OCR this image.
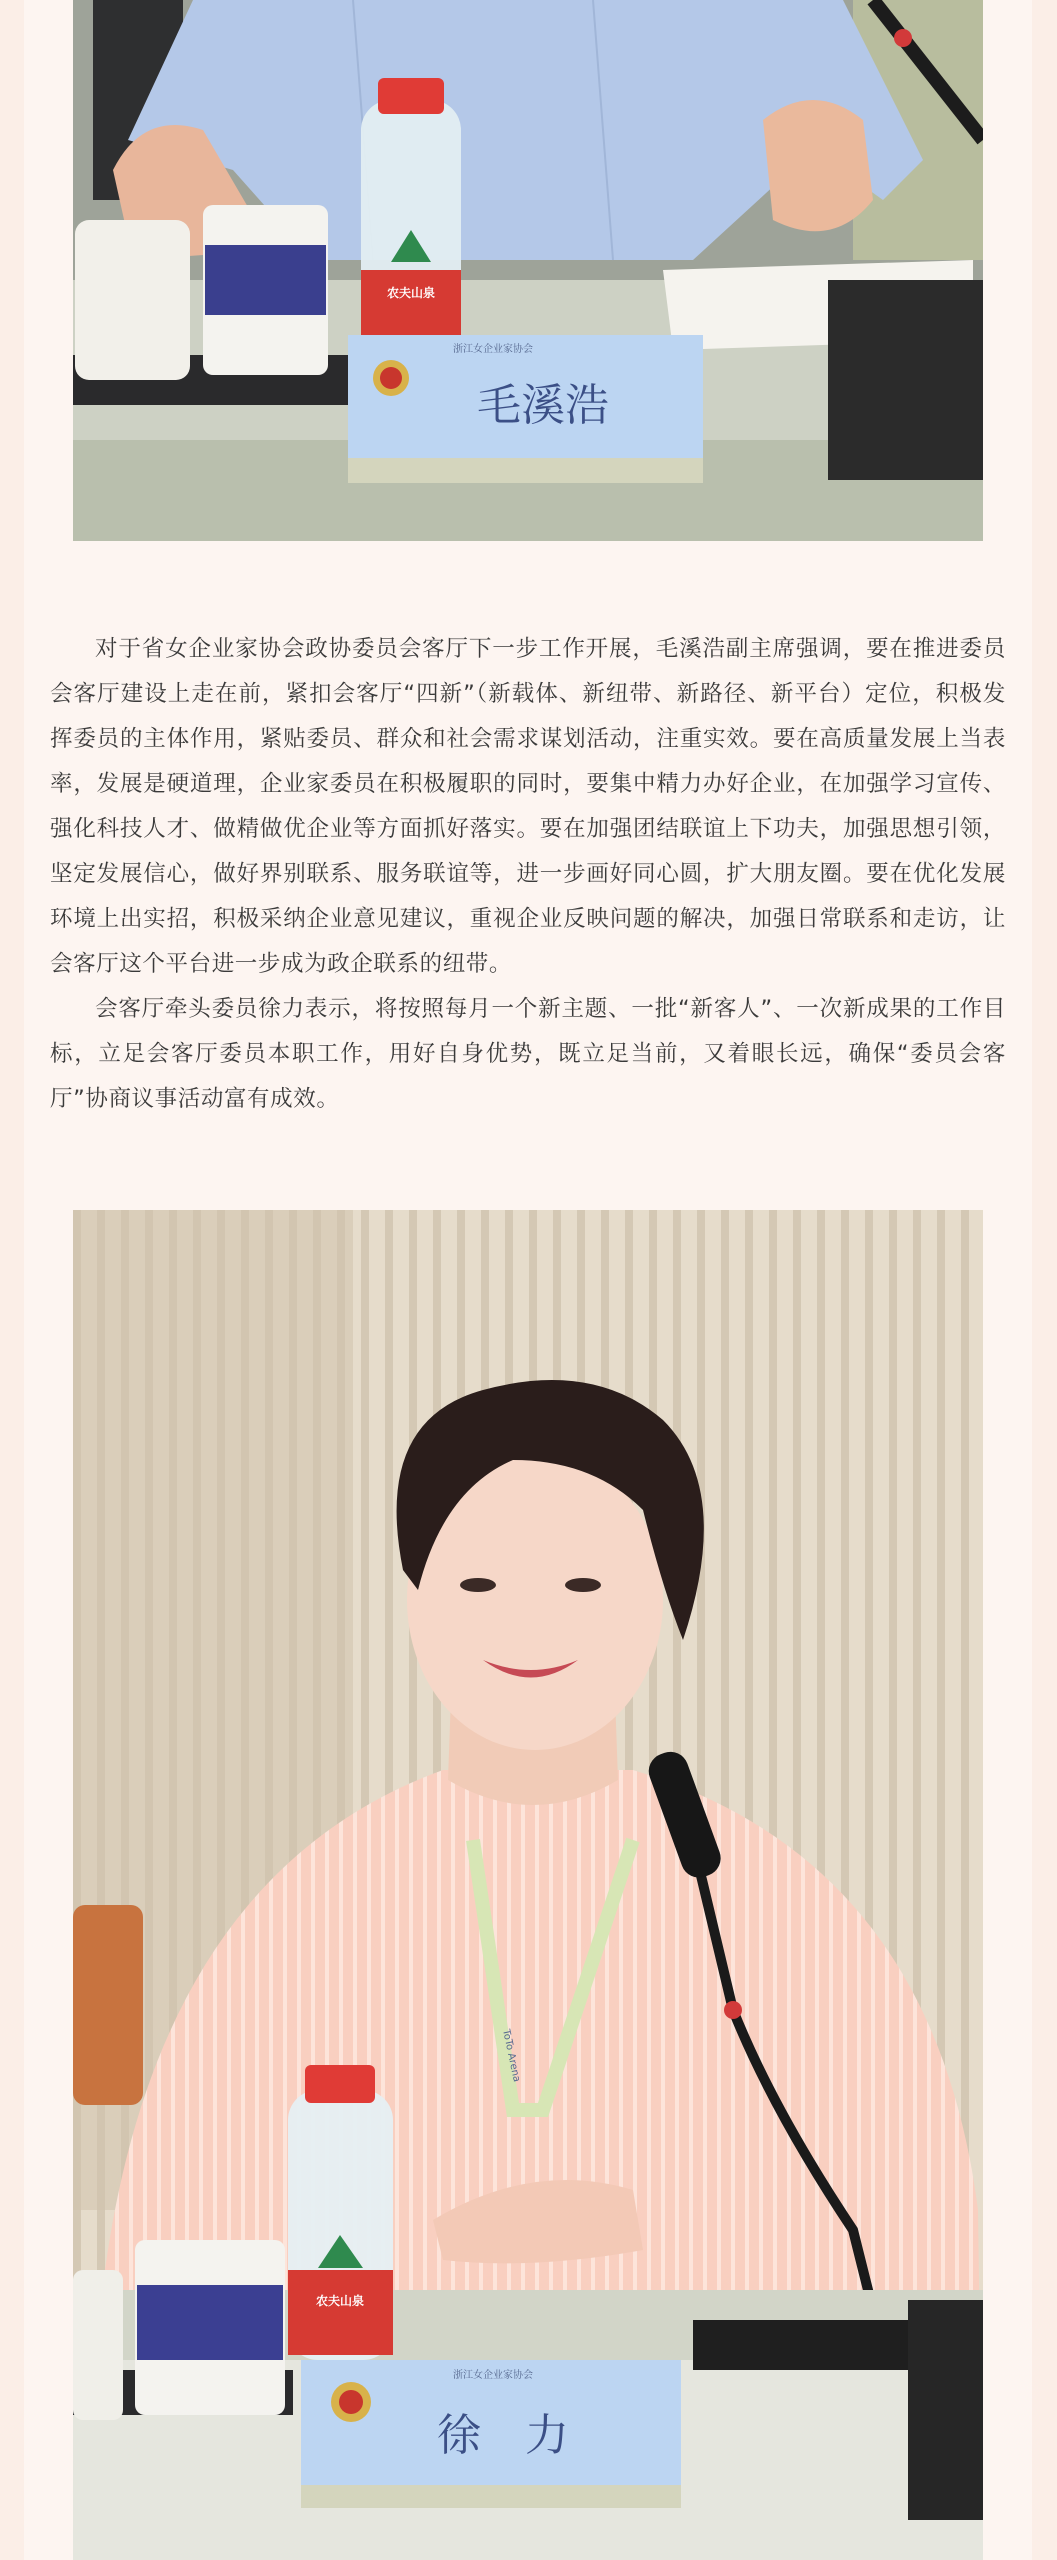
农夫山泉
浙江女企业家协会
毛溪浩

对于省女企业家协会政协委员会客厅下一步工作开展，毛溪浩副主席强调，要在推进委员会客厅建设上走在前，紧扣会客厅“四新”（新载体、新纽带、新路径、新平台）定位，积极发挥委员的主体作用，紧贴委员、群众和社会需求谋划活动，注重实效。要在高质量发展上当表率，发展是硬道理，企业家委员在积极履职的同时，要集中精力办好企业，在加强学习宣传、强化科技人才、做精做优企业等方面抓好落实。要在加强团结联谊上下功夫，加强思想引领，坚定发展信心，做好界别联系、服务联谊等，进一步画好同心圆，扩大朋友圈。要在优化发展环境上出实招，积极采纳企业意见建议，重视企业反映问题的解决，加强日常联系和走访，让会客厅这个平台进一步成为政企联系的纽带。

会客厅牵头委员徐力表示，将按照每月一个新主题、一批“新客人”、一次新成果的工作目标，立足会客厅委员本职工作，用好自身优势，既立足当前，又着眼长远，确保“委员会客厅”协商议事活动富有成效。

ToTo Arena
农夫山泉
浙江女企业家协会
徐　力
